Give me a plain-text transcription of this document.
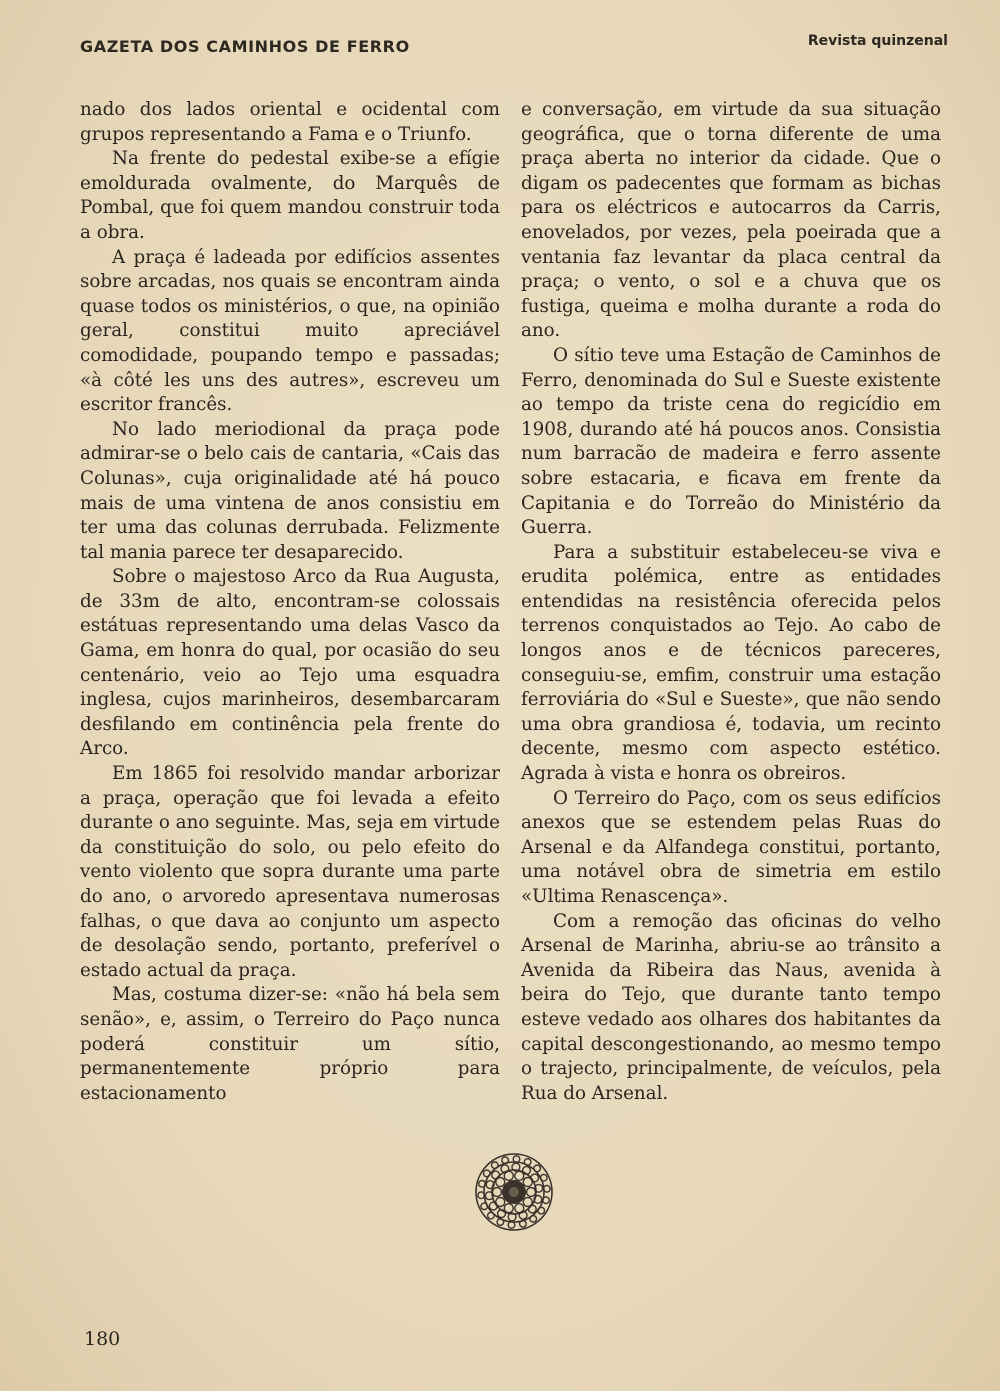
GAZETA DOS CAMINHOS DE FERRO	Revista quinzenal

nado dos lados oriental e ocidental com grupos representando a Fama e o Triunfo.

Na frente do pedestal exibe-se a efígie emoldurada ovalmente, do Marquês de Pombal, que foi quem mandou construir toda a obra.

A praça é ladeada por edifícios assentes sobre arcadas, nos quais se encontram ainda quase todos os ministérios, o que, na opinião geral, constitui muito apreciável comodidade, poupando tempo e passadas; «à côté les uns des autres», escreveu um escritor francês.

No lado meriodional da praça pode admirar-se o belo cais de cantaria, «Cais das Colunas», cuja originalidade até há pouco mais de uma vintena de anos consistiu em ter uma das colunas derrubada. Felizmente tal mania parece ter desaparecido.

Sobre o majestoso Arco da Rua Augusta, de 33m de alto, encontram-se colossais estátuas representando uma delas Vasco da Gama, em honra do qual, por ocasião do seu centenário, veio ao Tejo uma esquadra inglesa, cujos marinheiros, desembarcaram desfilando em continência pela frente do Arco.

Em 1865 foi resolvido mandar arborizar a praça, operação que foi levada a efeito durante o ano seguinte. Mas, seja em virtude da constituição do solo, ou pelo efeito do vento violento que sopra durante uma parte do ano, o arvoredo apresentava numerosas falhas, o que dava ao conjunto um aspecto de desolação sendo, portanto, preferível o estado actual da praça.

Mas, costuma dizer-se: «não há bela sem senão», e, assim, o Terreiro do Paço nunca poderá constituir um sítio, permanentemente próprio para estacionamento

e conversação, em virtude da sua situação geográfica, que o torna diferente de uma praça aberta no interior da cidade. Que o digam os padecentes que formam as bichas para os eléctricos e autocarros da Carris, enovelados, por vezes, pela poeirada que a ventania faz levantar da placa central da praça; o vento, o sol e a chuva que os fustiga, queima e molha durante a roda do ano.

O sítio teve uma Estação de Caminhos de Ferro, denominada do Sul e Sueste existente ao tempo da triste cena do regicídio em 1908, durando até há poucos anos. Consistia num barracão de madeira e ferro assente sobre estacaria, e ficava em frente da Capitania e do Torreão do Ministério da Guerra.

Para a substituir estabeleceu-se viva e erudita polémica, entre as entidades entendidas na resistência oferecida pelos terrenos conquistados ao Tejo. Ao cabo de longos anos e de técnicos pareceres, conseguiu-se, emfim, construir uma estação ferroviária do «Sul e Sueste», que não sendo uma obra grandiosa é, todavia, um recinto decente, mesmo com aspecto estético. Agrada à vista e honra os obreiros.

O Terreiro do Paço, com os seus edifícios anexos que se estendem pelas Ruas do Arsenal e da Alfandega constitui, portanto, uma notável obra de simetria em estilo «Ultima Renascença».

Com a remoção das oficinas do velho Arsenal de Marinha, abriu-se ao trânsito a Avenida da Ribeira das Naus, avenida à beira do Tejo, que durante tanto tempo esteve vedado aos olhares dos habitantes da capital descongestionando, ao mesmo tempo o trajecto, principalmente, de veículos, pela Rua do Arsenal.

180
